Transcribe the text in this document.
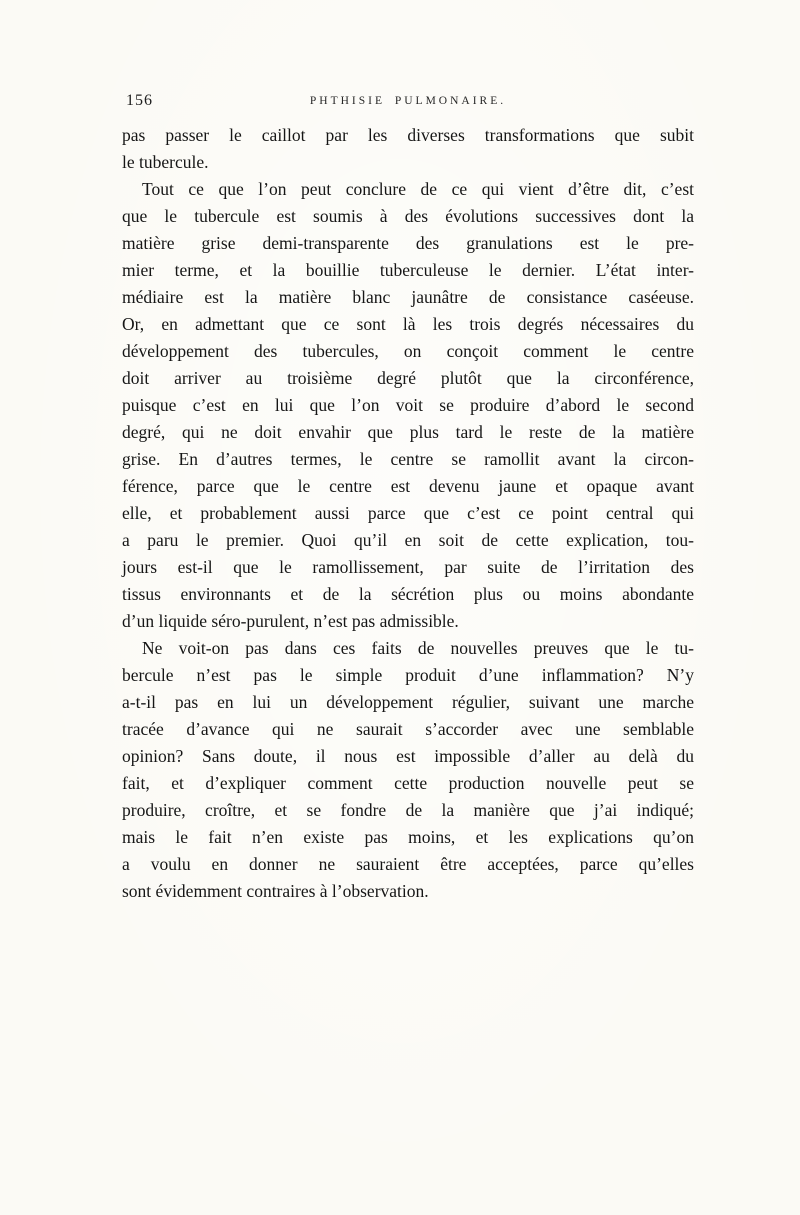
156	PHTHISIE PULMONAIRE.
pas passer le caillot par les diverses transformations que subit
le tubercule.
Tout ce que l’on peut conclure de ce qui vient d’être dit, c’est
que le tubercule est soumis à des évolutions successives dont la
matière grise demi-transparente des granulations est le pre-
mier terme, et la bouillie tuberculeuse le dernier. L’état inter-
médiaire est la matière blanc jaunâtre de consistance caséeuse.
Or, en admettant que ce sont là les trois degrés nécessaires du
développement des tubercules, on conçoit comment le centre
doit arriver au troisième degré plutôt que la circonférence,
puisque c’est en lui que l’on voit se produire d’abord le second
degré, qui ne doit envahir que plus tard le reste de la matière
grise. En d’autres termes, le centre se ramollit avant la circon-
férence, parce que le centre est devenu jaune et opaque avant
elle, et probablement aussi parce que c’est ce point central qui
a paru le premier. Quoi qu’il en soit de cette explication, tou-
jours est-il que le ramollissement, par suite de l’irritation des
tissus environnants et de la sécrétion plus ou moins abondante
d’un liquide séro-purulent, n’est pas admissible.
Ne voit-on pas dans ces faits de nouvelles preuves que le tu-
bercule n’est pas le simple produit d’une inflammation? N’y
a-t-il pas en lui un développement régulier, suivant une marche
tracée d’avance qui ne saurait s’accorder avec une semblable
opinion? Sans doute, il nous est impossible d’aller au delà du
fait, et d’expliquer comment cette production nouvelle peut se
produire, croître, et se fondre de la manière que j’ai indiqué;
mais le fait n’en existe pas moins, et les explications qu’on
a voulu en donner ne sauraient être acceptées, parce qu’elles
sont évidemment contraires à l’observation.
